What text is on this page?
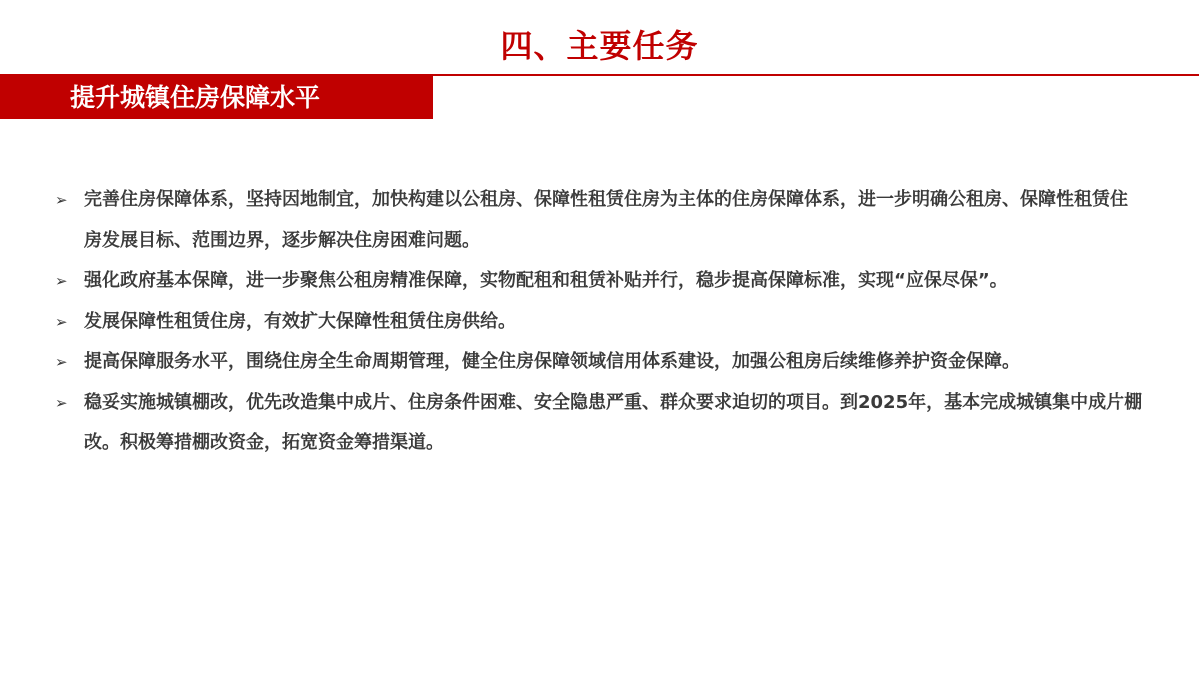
四、主要任务
提升城镇住房保障水平
➢ 完善住房保障体系，坚持因地制宜，加快构建以公租房、保障性租赁住房为主体的住房保障体系，进一步明确公租房、保障性租赁住房发展目标、范围边界，逐步解决住房困难问题。
➢ 强化政府基本保障，进一步聚焦公租房精准保障，实物配租和租赁补贴并行，稳步提高保障标准，实现“应保尽保”。
➢ 发展保障性租赁住房，有效扩大保障性租赁住房供给。
➢ 提高保障服务水平，围绕住房全生命周期管理，健全住房保障领域信用体系建设，加强公租房后续维修养护资金保障。
➢ 稳妥实施城镇棚改，优先改造集中成片、住房条件困难、安全隐患严重、群众要求迫切的项目。到2025年，基本完成城镇集中成片棚改。积极筹措棚改资金，拓宽资金筹措渠道。
